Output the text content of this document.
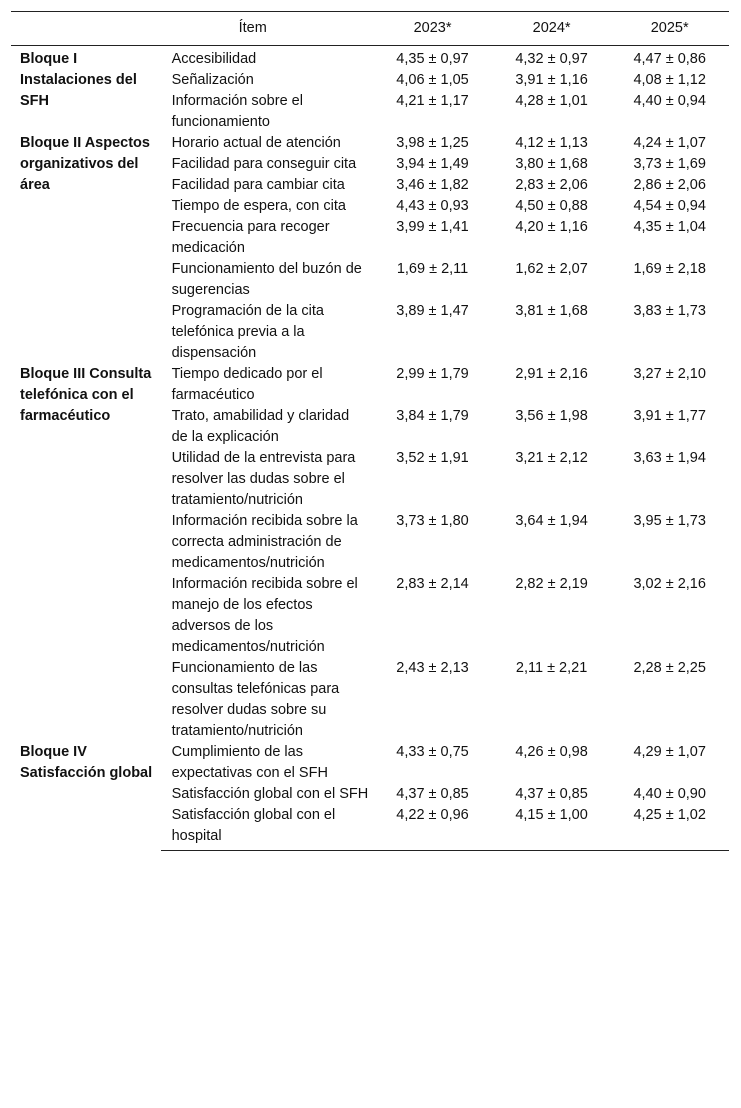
	Ítem	2023*	2024*	2025*
Bloque I Instalaciones del SFH	Accesibilidad	4,35 ± 0,97	4,32 ± 0,97	4,47 ± 0,86
	Señalización	4,06 ± 1,05	3,91 ± 1,16	4,08 ± 1,12
	Información sobre el funcionamiento	4,21 ± 1,17	4,28 ± 1,01	4,40 ± 0,94
Bloque II Aspectos organizativos del área	Horario actual de atención	3,98 ± 1,25	4,12 ± 1,13	4,24 ± 1,07
	Facilidad para conseguir cita	3,94 ± 1,49	3,80 ± 1,68	3,73 ± 1,69
	Facilidad para cambiar cita	3,46 ± 1,82	2,83 ± 2,06	2,86 ± 2,06
	Tiempo de espera, con cita	4,43 ± 0,93	4,50 ± 0,88	4,54 ± 0,94
	Frecuencia para recoger medicación	3,99 ± 1,41	4,20 ± 1,16	4,35 ± 1,04
	Funcionamiento del buzón de sugerencias	1,69 ± 2,11	1,62 ± 2,07	1,69 ± 2,18
	Programación de la cita telefónica previa a la dispensación	3,89 ± 1,47	3,81 ± 1,68	3,83 ± 1,73
Bloque III Consulta telefónica con el farmacéutico	Tiempo dedicado por el farmacéutico	2,99 ± 1,79	2,91 ± 2,16	3,27 ± 2,10
	Trato, amabilidad y claridad de la explicación	3,84 ± 1,79	3,56 ± 1,98	3,91 ± 1,77
	Utilidad de la entrevista para resolver las dudas sobre el tratamiento/nutrición	3,52 ± 1,91	3,21 ± 2,12	3,63 ± 1,94
	Información recibida sobre la correcta administración de medicamentos/nutrición	3,73 ± 1,80	3,64 ± 1,94	3,95 ± 1,73
	Información recibida sobre el manejo de los efectos adversos de los medicamentos/nutrición	2,83 ± 2,14	2,82 ± 2,19	3,02 ± 2,16
	Funcionamiento de las consultas telefónicas para resolver dudas sobre su tratamiento/nutrición	2,43 ± 2,13	2,11 ± 2,21	2,28 ± 2,25
Bloque IV Satisfacción global	Cumplimiento de las expectativas con el SFH	4,33 ± 0,75	4,26 ± 0,98	4,29 ± 1,07
	Satisfacción global con el SFH	4,37 ± 0,85	4,37 ± 0,85	4,40 ± 0,90
	Satisfacción global con el hospital	4,22 ± 0,96	4,15 ± 1,00	4,25 ± 1,02
